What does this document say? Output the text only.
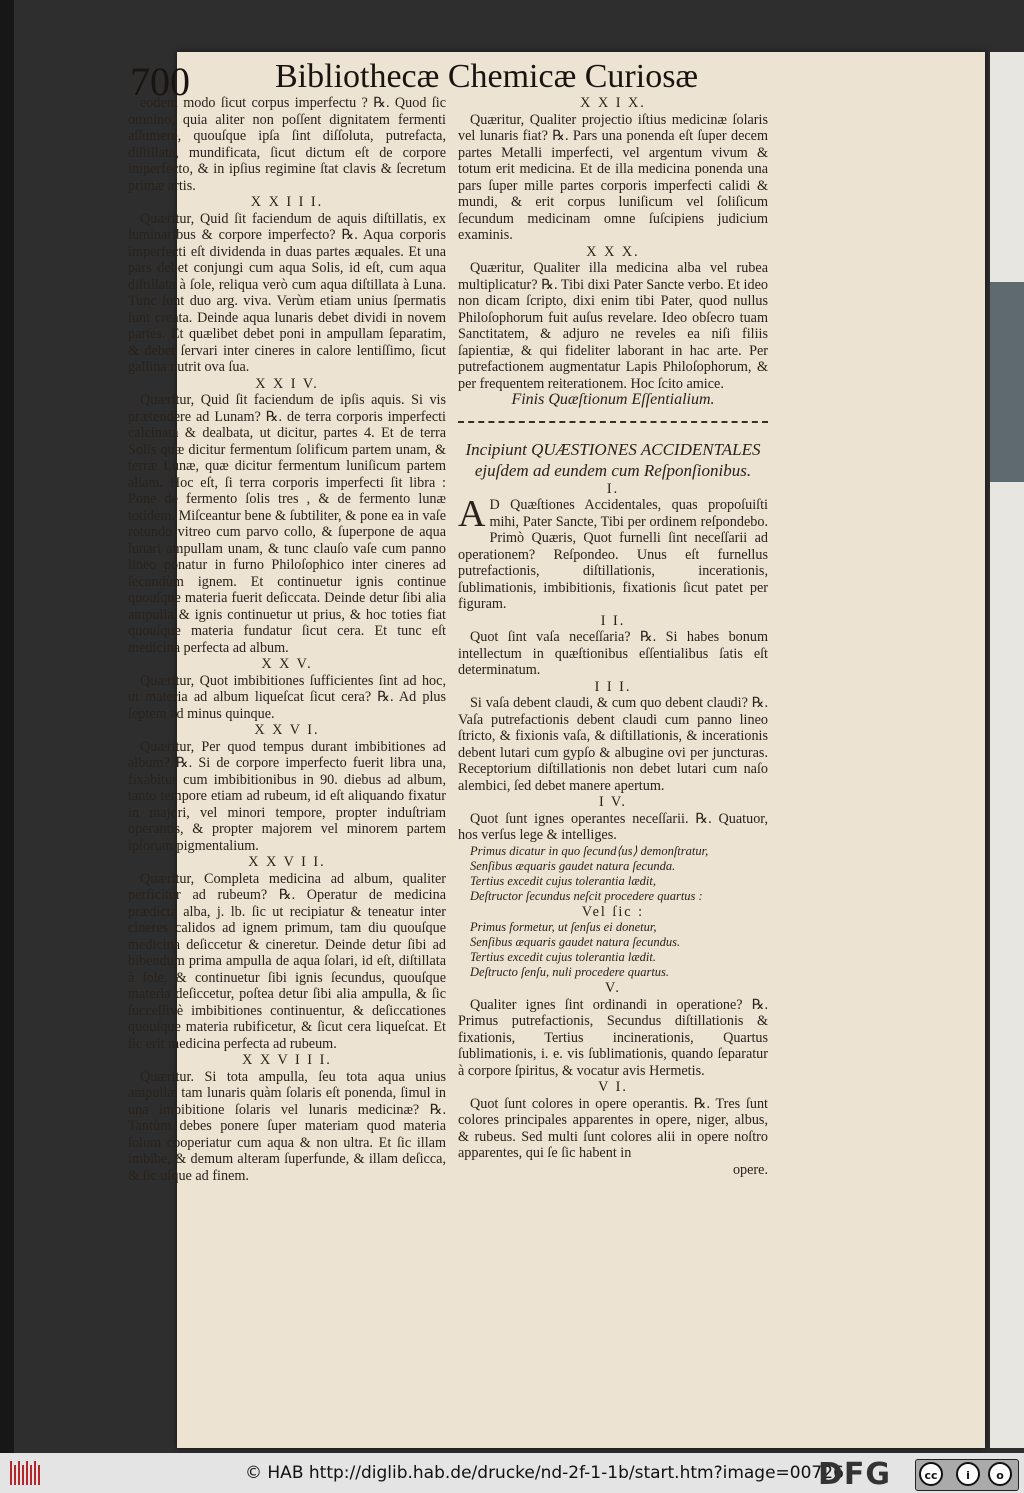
700	Bibliothecæ Chemicæ Curiosæ

eodem modo ſicut corpus imperfectu ? ℞. Quod ſic omnino, quia aliter non poſſent dignitatem fermenti aſſumere, quouſque ipſa ſint diſſoluta, putrefacta, diſtillata, mundificata, ſicut dictum eſt de corpore imperfecto, & in ipſius regimine ſtat clavis & ſecretum primæ artis.

X X I I I.

Quæritur, Quid ſit faciendum de aquis diſtillatis, ex luminaribus & corpore imperfecto? ℞. Aqua corporis imperfecti eſt dividenda in duas partes æquales. Et una pars debet conjungi cum aqua Solis, id eſt, cum aqua diſtillata à ſole, reliqua verò cum aqua diſtillata à Luna. Tunc ſunt duo arg. viva. Verùm etiam unius ſpermatis ſunt creata. Deinde aqua lunaris debet dividi in novem partes. Et quælibet debet poni in ampullam ſeparatim, & debet ſervari inter cineres in calore lentiſſimo, ſicut gallina nutrit ova ſua.

X X I V.

Quæritur, Quid ſit faciendum de ipſis aquis. Si vis prætendere ad Lunam? ℞. de terra corporis imperfecti calcinata & dealbata, ut dicitur, partes 4. Et de terra Solis quæ dicitur fermentum ſolificum partem unam, & terræ Lunæ, quæ dicitur fermentum luniſicum partem aliam. Hoc eſt, ſi terra corporis imperfecti ſit libra : Pone de fermento ſolis tres , & de fermento lunæ totidem. Miſceantur bene & ſubtiliter, & pone ea in vaſe rotundo vitreo cum parvo collo, & ſuperpone de aqua lunari ampullam unam, & tunc clauſo vaſe cum panno lineo ponatur in furno Philoſophico inter cineres ad ſecundùm ignem. Et continuetur ignis continue quouſque materia fuerit deſiccata. Deinde detur ſibi alia ampulla & ignis continuetur ut prius, & hoc toties fiat quouſque materia fundatur ſicut cera. Et tunc eſt medicina perfecta ad album.

X X V.

Quæritur, Quot imbibitiones ſufficientes ſint ad hoc, ut materia ad album liqueſcat ſicut cera? ℞. Ad plus ſeptem ad minus quinque.

X X V I.

Quæritur, Per quod tempus durant imbibitiones ad album? ℞. Si de corpore imperfecto fuerit libra una, fixabitur cum imbibitionibus in 90. diebus ad album, tanto tempore etiam ad rubeum, id eſt aliquando fixatur in majori, vel minori tempore, propter induſtriam operantis, & propter majorem vel minorem partem ipſorum pigmentalium.

X X V I I.

Quæritur, Completa medicina ad album, qualiter perficitur ad rubeum? ℞. Operatur de medicina prædicta alba, j. lb. ſic ut recipiatur & teneatur inter cineres calidos ad ignem primum, tam diu quouſque medicina deſiccetur & cineretur. Deinde detur ſibi ad bibendum prima ampulla de aqua ſolari, id eſt, diſtillata à ſole, & continuetur ſibi ignis ſecundus, quouſque materia deſiccetur, poſtea detur ſibi alia ampulla, & ſic ſucceſſivè imbibitiones continuentur, & deſiccationes quouſque materia rubificetur, & ſicut cera liqueſcat. Et ſic erit medicina perfecta ad rubeum.

X X V I I I.

Quæritur. Si tota ampulla, ſeu tota aqua unius ampullæ tam lunaris quàm ſolaris eſt ponenda, ſimul in una imbibitione ſolaris vel lunaris medicinæ? ℞. Tantùm debes ponere ſuper materiam quod materia ſolum cooperiatur cum aqua & non ultra. Et ſic illam imbibe, & demum alteram ſuperfunde, & illam deſicca, & ſic uſque ad finem.

X X I X.

Quæritur, Qualiter projectio iſtius medicinæ ſolaris vel lunaris fiat? ℞. Pars una ponenda eſt ſuper decem partes Metalli imperfecti, vel argentum vivum & totum erit medicina. Et de illa medicina ponenda una pars ſuper mille partes corporis imperfecti calidi & mundi, & erit corpus luniſicum vel ſoliſicum ſecundum medicinam omne ſuſcipiens judicium examinis.

X X X.

Quæritur, Qualiter illa medicina alba vel rubea multiplicatur? ℞. Tibi dixi Pater Sancte verbo. Et ideo non dicam ſcripto, dixi enim tibi Pater, quod nullus Philoſophorum fuit auſus revelare. Ideo obſecro tuam Sanctitatem, & adjuro ne reveles ea niſi filiis ſapientiæ, & qui fideliter laborant in hac arte. Per putrefactionem augmentatur Lapis Philoſophorum, & per frequentem reiterationem. Hoc ſcito amice.

Finis Quæſtionum Eſſentialium.

Incipiunt QUÆSTIONES ACCIDENTALES ejuſdem ad eundem cum Reſponſionibus.

I.

A D Quæſtiones Accidentales, quas propoſuiſti mihi, Pater Sancte, Tibi per ordinem reſpondebo. Primò Quæris, Quot furnelli ſint neceſſarii ad operationem? Reſpondeo. Unus eſt furnellus putrefactionis, diſtillationis, incerationis, ſublimationis, imbibitionis, fixationis ſicut patet per figuram.

I I.

Quot ſint vaſa neceſſaria? ℞. Si habes bonum intellectum in quæſtionibus eſſentialibus ſatis eſt determinatum.

I I I.

Si vaſa debent claudi, & cum quo debent claudi? ℞. Vaſa putrefactionis debent claudi cum panno lineo ſtricto, & fixionis vaſa, & diſtillationis, & incerationis debent lutari cum gypſo & albugine ovi per juncturas. Receptorium diſtillationis non debet lutari cum naſo alembici, ſed debet manere apertum.

I V.

Quot ſunt ignes operantes neceſſarii. ℞. Quatuor, hos verſus lege & intelliges.

Primus dicatur in quo ſecund⟨us⟩ demonſtratur,

Senſibus æquaris gaudet natura ſecunda.

Tertius excedit cujus tolerantia lædit,

Deſtructor ſecundus neſcit procedere quartus :

Vel ſic :

Primus formetur, ut ſenſus ei donetur,

Senſibus æquaris gaudet natura ſecundus.

Tertius excedit cujus tolerantia lædit.

Deſtructo ſenſu, nuli procedere quartus.

V.

Qualiter ignes ſint ordinandi in operatione? ℞. Primus putrefactionis, Secundus diſtillationis & fixationis, Tertius incinerationis, Quartus ſublimationis, i. e. vis ſublimationis, quando ſeparatur à corpore ſpiritus, & vocatur avis Hermetis.

V I.

Quot ſunt colores in opere operantis. ℞. Tres ſunt colores principales apparentes in opere, niger, albus, & rubeus. Sed multi ſunt colores alii in opere noſtro apparentes, qui ſe ſic habent in

opere.

© HAB http://diglib.hab.de/drucke/nd-2f-1-1b/start.htm?image=00726
DFG	cc	i	o
